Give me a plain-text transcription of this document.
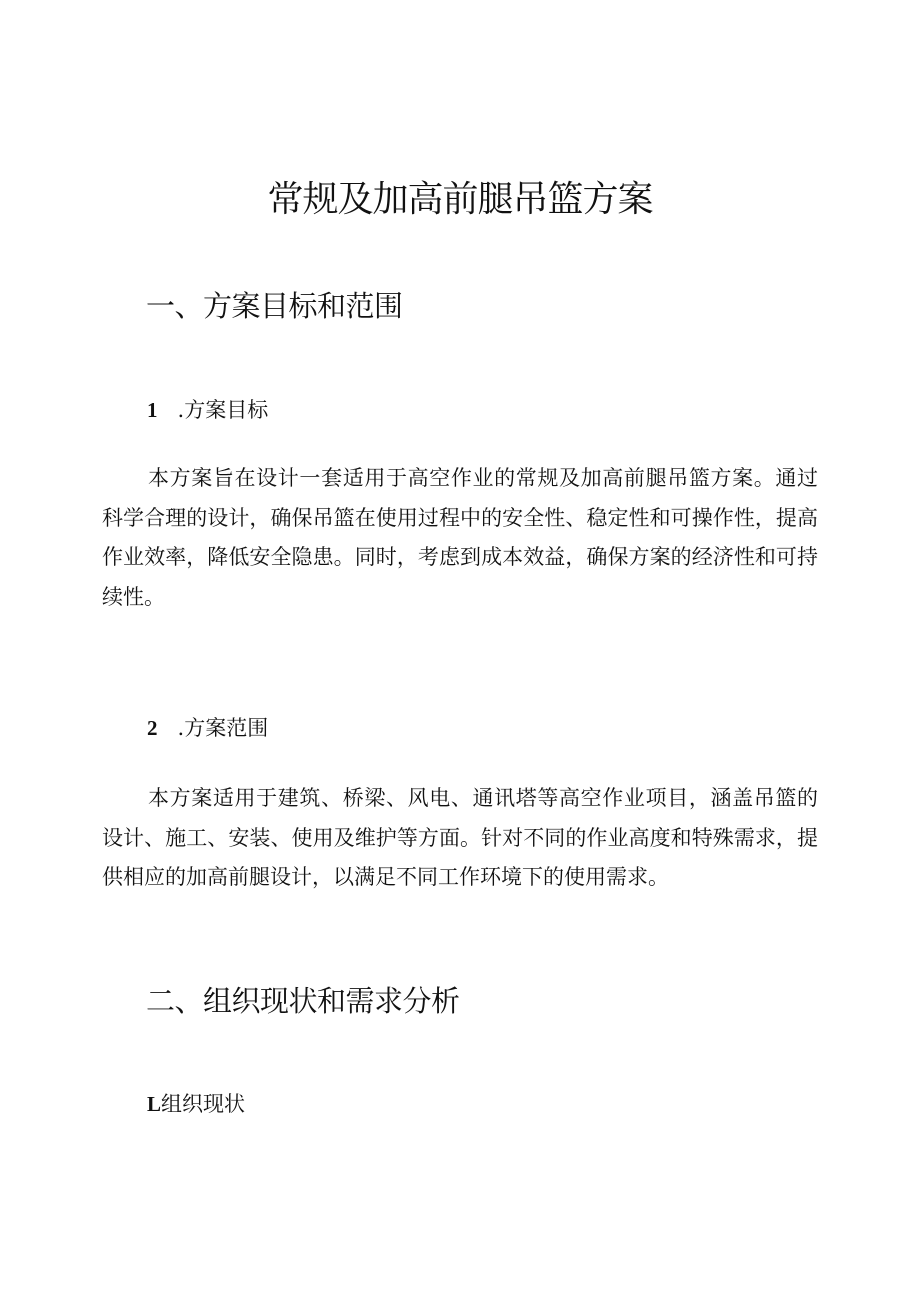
常规及加高前腿吊篮方案
一、方案目标和范围
1 .方案目标

本方案旨在设计一套适用于高空作业的常规及加高前腿吊篮方案。通过科学合理的设计，确保吊篮在使用过程中的安全性、稳定性和可操作性，提高作业效率，降低安全隐患。同时，考虑到成本效益，确保方案的经济性和可持续性。

2 .方案范围

本方案适用于建筑、桥梁、风电、通讯塔等高空作业项目，涵盖吊篮的设计、施工、安装、使用及维护等方面。针对不同的作业高度和特殊需求，提供相应的加高前腿设计，以满足不同工作环境下的使用需求。

二、组织现状和需求分析
L组织现状
